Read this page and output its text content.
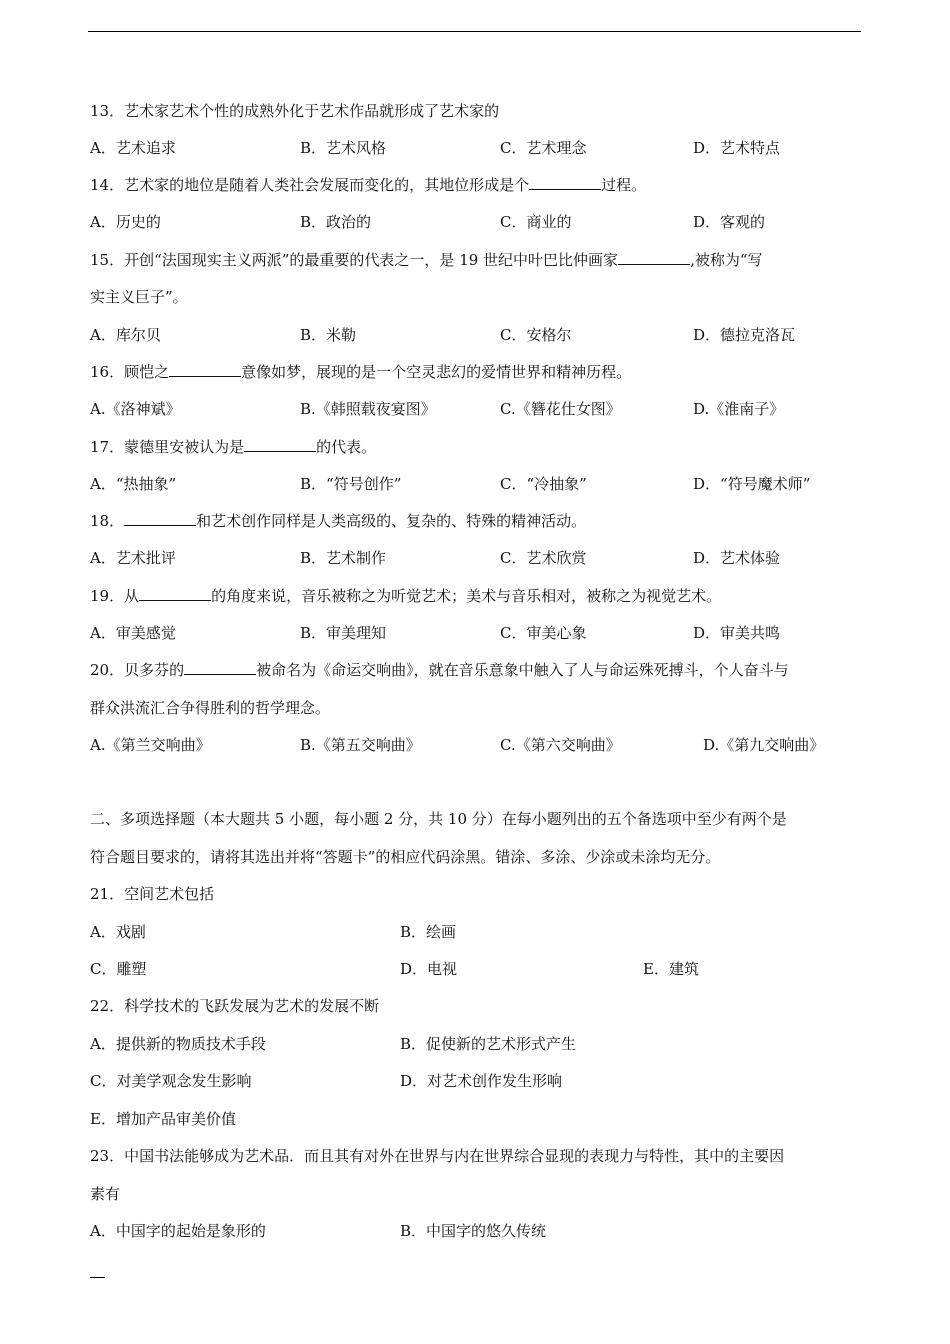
13．艺术家艺术个性的成熟外化于艺术作品就形成了艺术家的
A．艺术追求	B．艺术风格	C．艺术理念	D．艺术特点
14．艺术家的地位是随着人类社会发展而变化的，其地位形成是个	过程。
A．历史的	B．政治的	C．商业的	D．客观的
15．开创“法国现实主义两派”的最重要的代表之一，是 19 世纪中叶巴比仲画家	,被称为“写
实主义巨子”。
A．库尔贝	B．米勒	C．安格尔	D．德拉克洛瓦
16．顾恺之	意像如梦，展现的是一个空灵悲幻的爱情世界和精神历程。
A.《洛神斌》	B.《韩照载夜宴图》	C.《簪花仕女图》	D.《淮南子》
17．蒙德里安被认为是	的代表。
A．“热抽象”	B．“符号创作”	C．“冷抽象”	D．“符号魔术师”
18．	和艺术创作同样是人类高级的、复杂的、特殊的精神活动。
A．艺术批评	B．艺术制作	C．艺术欣赏	D．艺术体验
19．从	的角度来说，音乐被称之为听觉艺术；美术与音乐相对，被称之为视觉艺术。
A．审美感觉	B．审美理知	C．审美心象	D．审美共鸣
20．贝多芬的	被命名为《命运交响曲》，就在音乐意象中触入了人与命运殊死搏斗，个人奋斗与
群众洪流汇合争得胜利的哲学理念。
A.《第兰交响曲》	B.《第五交响曲》	C.《第六交响曲》	D.《第九交响曲》
二、多项选择题（本大题共 5 小题，每小题 2 分，共 10 分）在每小题列出的五个备选项中至少有两个是
符合题目要求的，请将其选出并将“答题卡”的相应代码涂黑。错涂、多涂、少涂或未涂均无分。
21．空间艺术包括
A．戏剧	B．绘画
C．雕塑	D．电视	E．建筑
22．科学技术的飞跃发展为艺术的发展不断
A．提供新的物质技术手段	B．促使新的艺术形式产生
C．对美学观念发生影响	D．对艺术创作发生形响
E．增加产品审美价值
23．中国书法能够成为艺术品．而且其有对外在世界与内在世界综合显现的表现力与特性，其中的主要因
素有
A．中国字的起始是象形的	B．中国字的悠久传统
